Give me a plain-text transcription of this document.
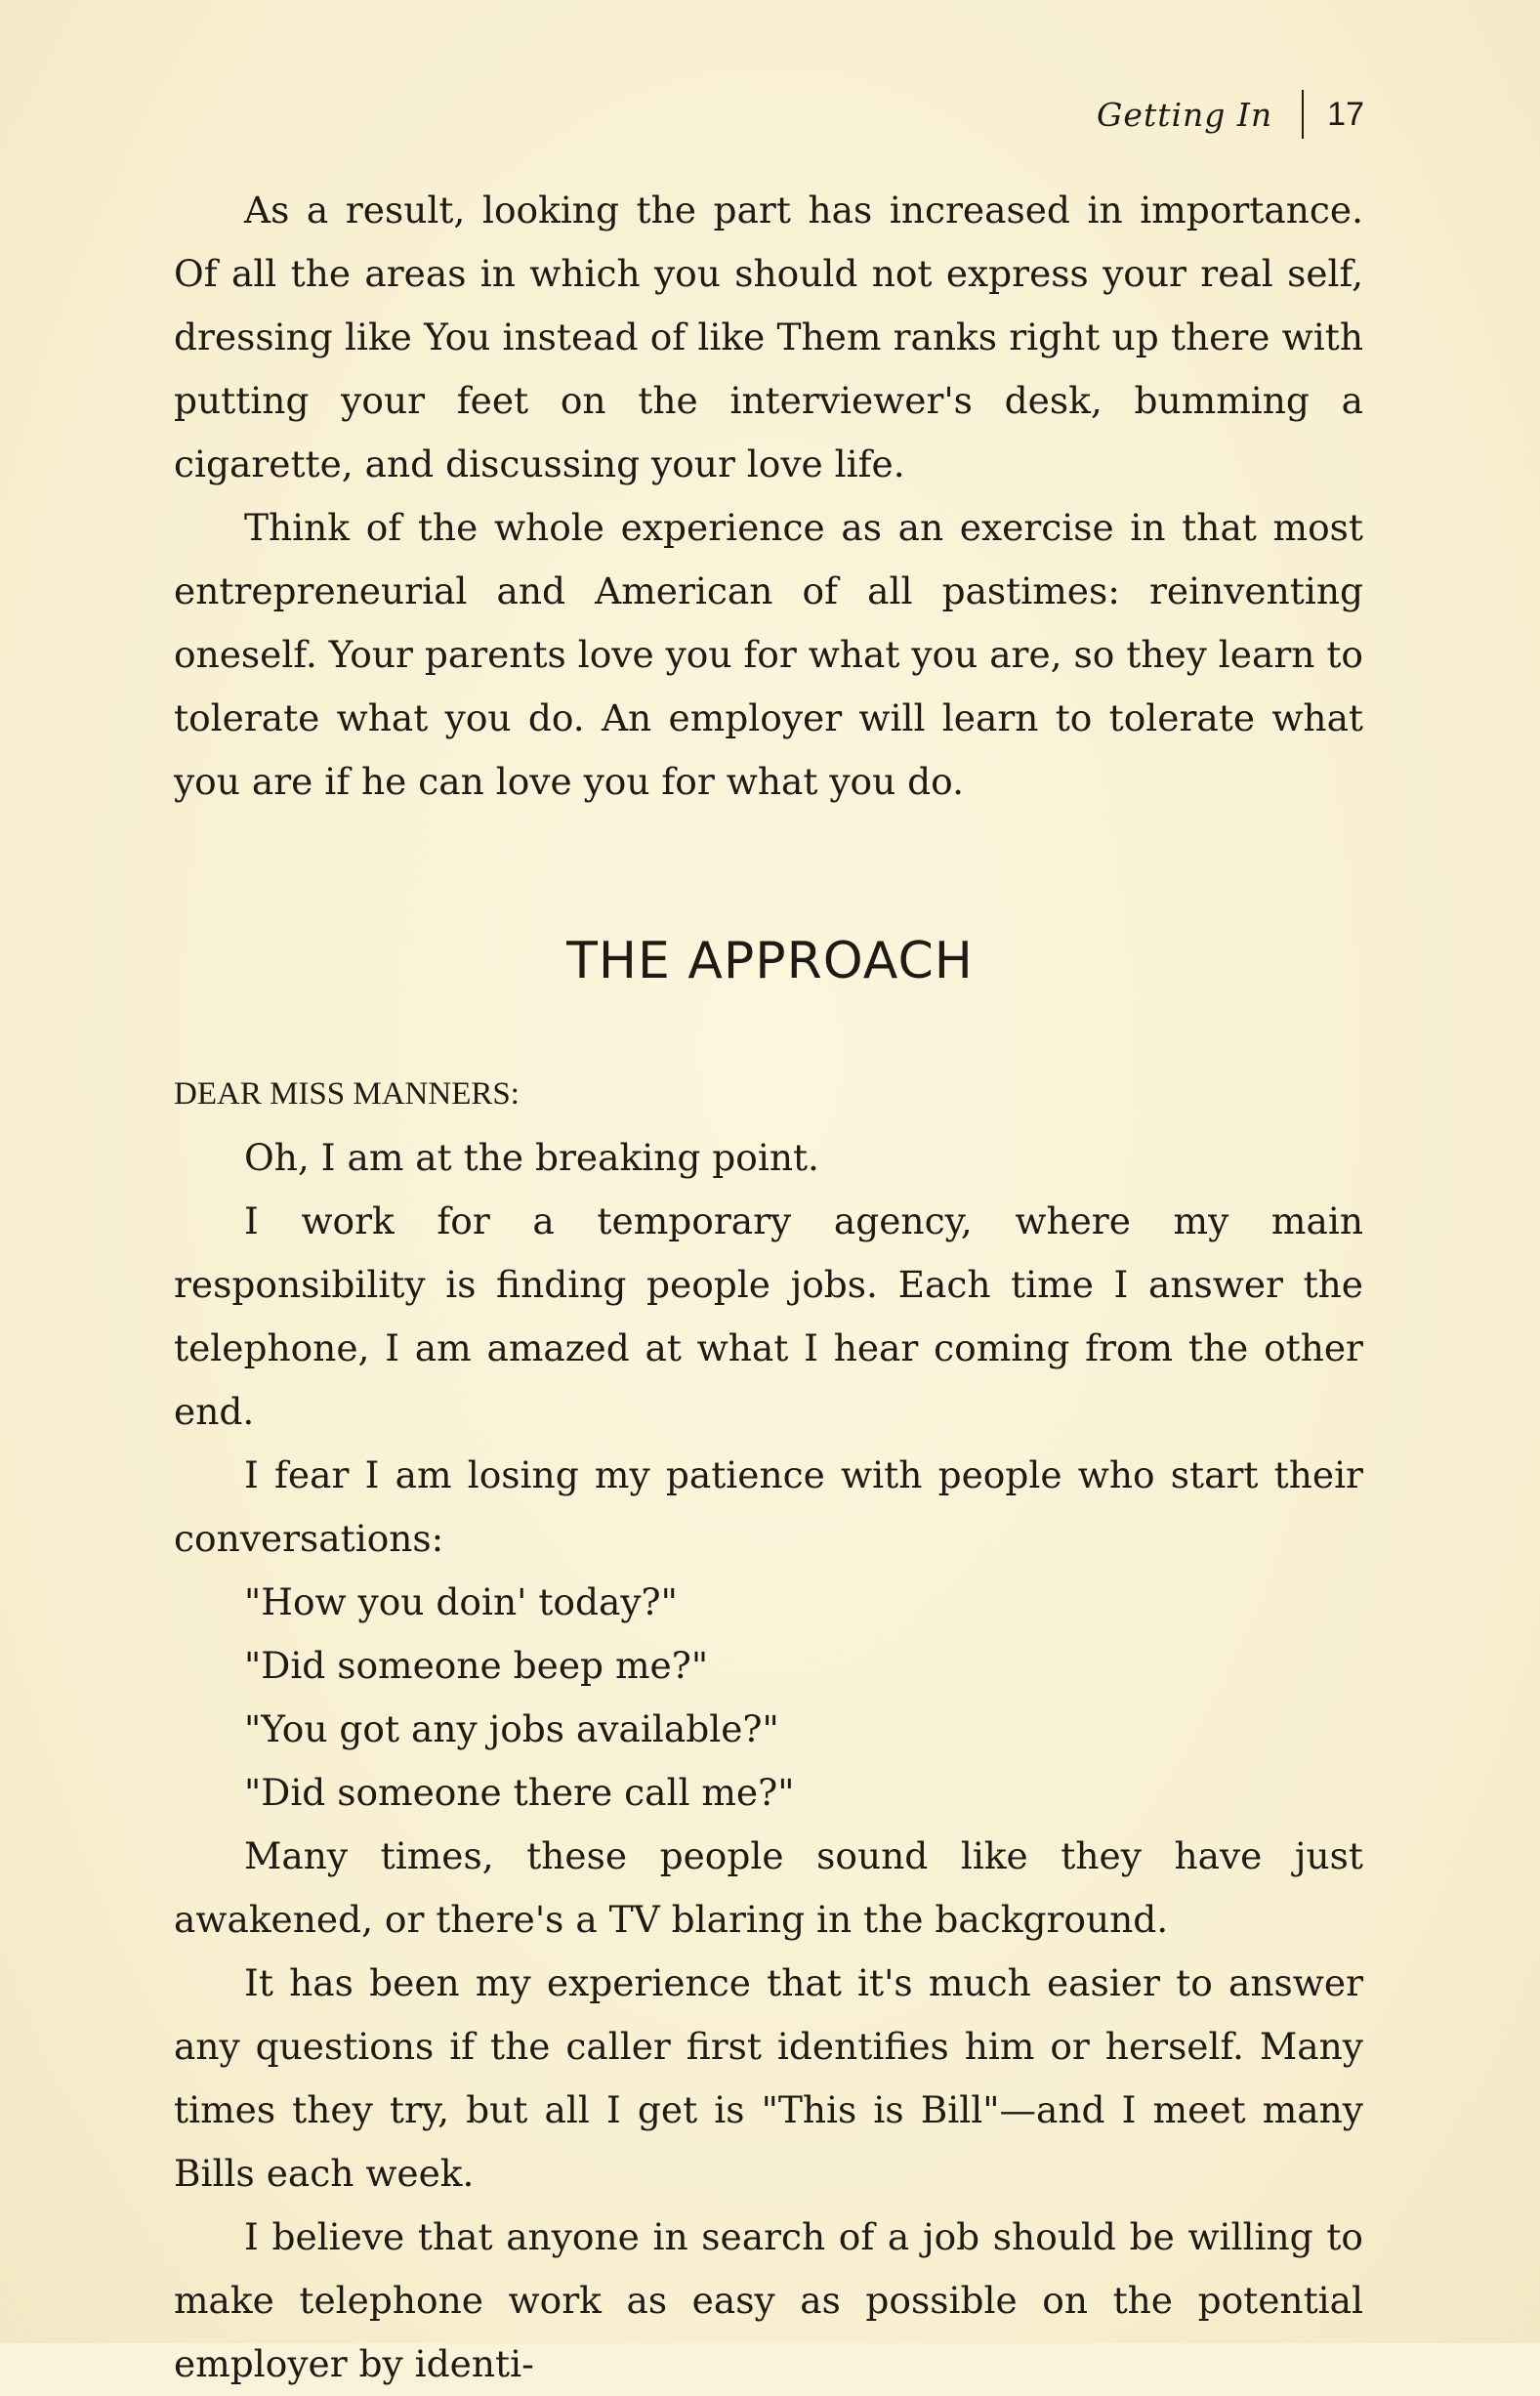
Getting In 17

As a result, looking the part has increased in importance. Of all the areas in which you should not express your real self, dressing like You instead of like Them ranks right up there with putting your feet on the interviewer's desk, bumming a cigarette, and discussing your love life.

Think of the whole experience as an exercise in that most entrepreneurial and American of all pastimes: reinventing oneself. Your parents love you for what you are, so they learn to tolerate what you do. An employer will learn to tolerate what you are if he can love you for what you do.

THE APPROACH

DEAR MISS MANNERS:

Oh, I am at the breaking point.

I work for a temporary agency, where my main responsibility is finding people jobs. Each time I answer the telephone, I am amazed at what I hear coming from the other end.

I fear I am losing my patience with people who start their conversations:

"How you doin' today?"

"Did someone beep me?"

"You got any jobs available?"

"Did someone there call me?"

Many times, these people sound like they have just awakened, or there's a TV blaring in the background.

It has been my experience that it's much easier to answer any questions if the caller first identifies him or herself. Many times they try, but all I get is "This is Bill"—and I meet many Bills each week.

I believe that anyone in search of a job should be willing to make telephone work as easy as possible on the potential employer by identi-
